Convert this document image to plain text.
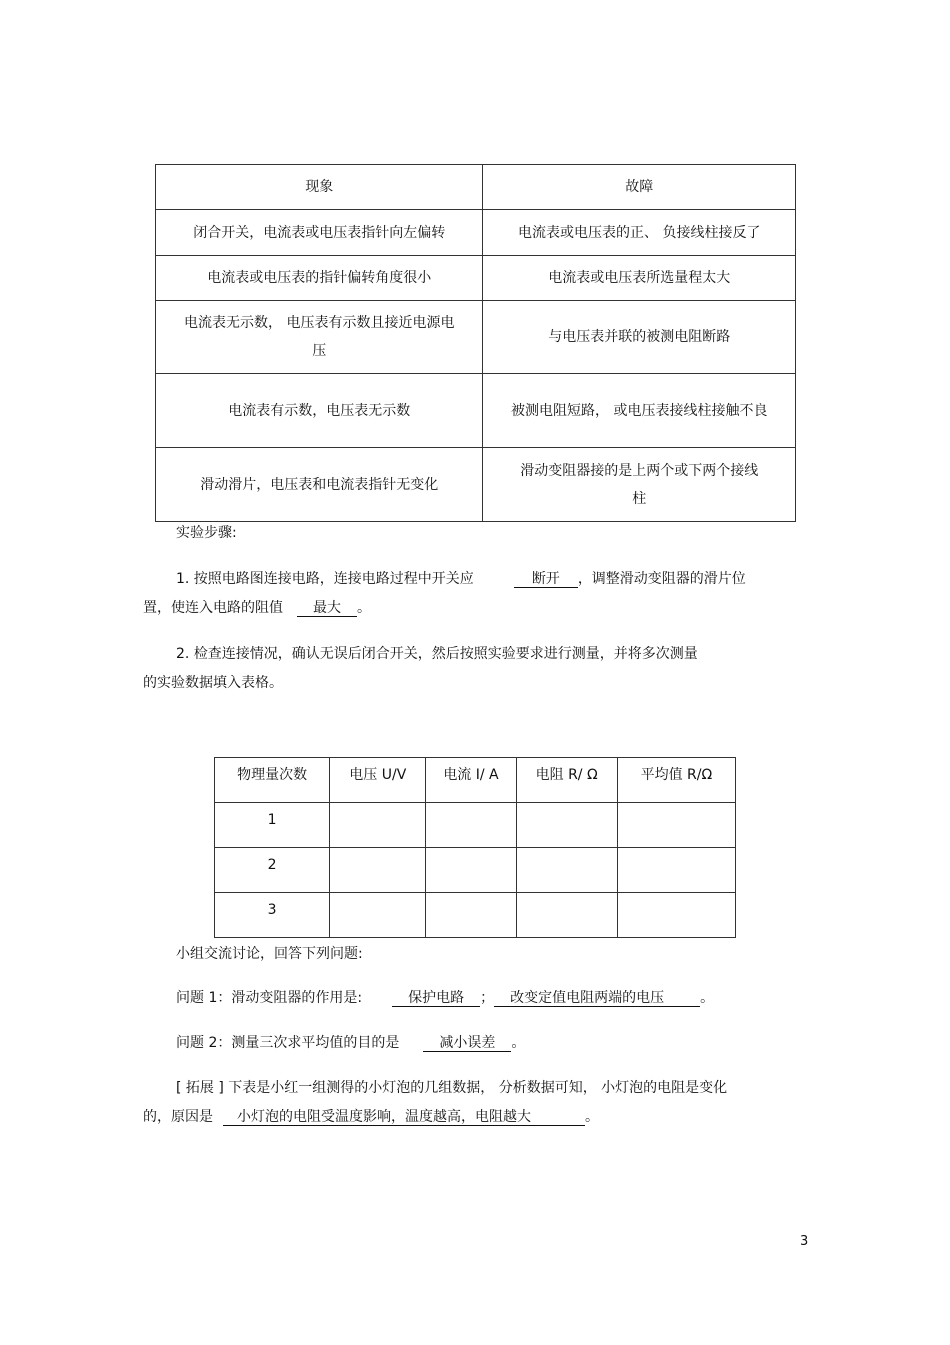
现象	故障
闭合开关，电流表或电压表指针向左偏转	电流表或电压表的正、 负接线柱接反了
电流表或电压表的指针偏转角度很小	电流表或电压表所选量程太大
电流表无示数， 电压表有示数且接近电源电压	与电压表并联的被测电阻断路
电流表有示数，电压表无示数	被测电阻短路， 或电压表接线柱接触不良
滑动滑片，电压表和电流表指针无变化	滑动变阻器接的是上两个或下两个接线柱
实验步骤:
1. 按照电路图连接电路，连接电路过程中开关应	断开 ，调整滑动变阻器的滑片位
置，使连入电路的阻值 最大 。
2. 检查连接情况，确认无误后闭合开关，然后按照实验要求进行测量，并将多次测量
的实验数据填入表格。
物理量次数	电压 U/V	电流 I/ A	电阻 R/ Ω	平均值 R/Ω
1				
2				
3				
小组交流讨论，回答下列问题:
问题 1：滑动变阻器的作用是:	保护电路 ； 改变定值电阻两端的电压	。
问题 2：测量三次求平均值的目的是	减小误差 。
[ 拓展 ] 下表是小红一组测得的小灯泡的几组数据， 分析数据可知， 小灯泡的电阻是变化
的，原因是 小灯泡的电阻受温度影响，温度越高，电阻越大	。
3
